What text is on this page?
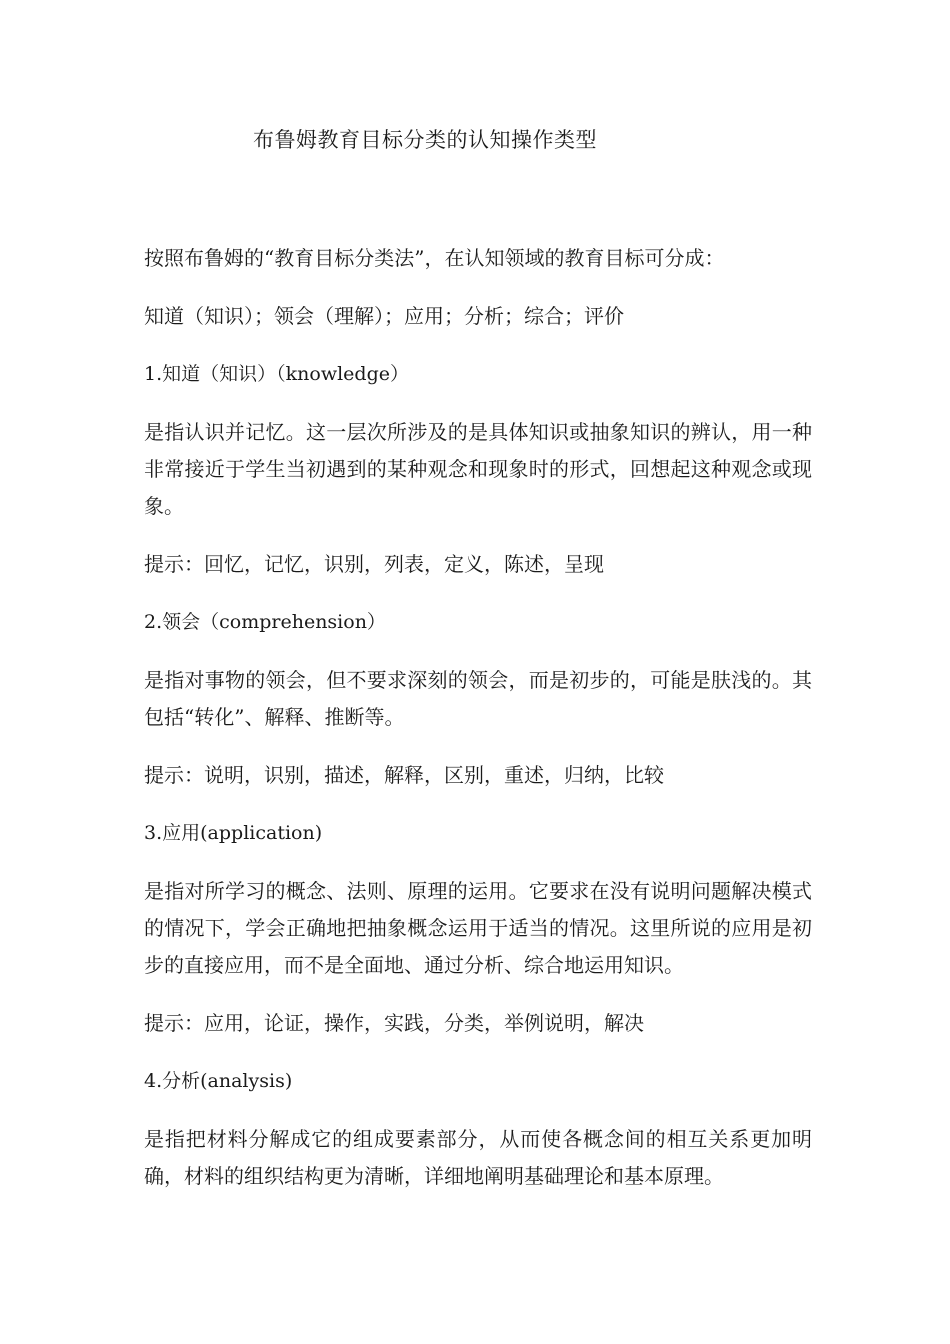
布鲁姆教育目标分类的认知操作类型

按照布鲁姆的“教育目标分类法”，在认知领域的教育目标可分成：

知道（知识）；领会（理解）；应用；分析；综合；评价

1.知道（知识）（knowledge）

是指认识并记忆。这一层次所涉及的是具体知识或抽象知识的辨认，用一种非常接近于学生当初遇到的某种观念和现象时的形式，回想起这种观念或现象。

提示：回忆，记忆，识别，列表，定义，陈述，呈现

2.领会（comprehension）

是指对事物的领会，但不要求深刻的领会，而是初步的，可能是肤浅的。其包括“转化”、解释、推断等。

提示：说明，识别，描述，解释，区别，重述，归纳，比较

3.应用(application)

是指对所学习的概念、法则、原理的运用。它要求在没有说明问题解决模式的情况下，学会正确地把抽象概念运用于适当的情况。这里所说的应用是初步的直接应用，而不是全面地、通过分析、综合地运用知识。

提示：应用，论证，操作，实践，分类，举例说明，解决

4.分析(analysis)

是指把材料分解成它的组成要素部分，从而使各概念间的相互关系更加明确，材料的组织结构更为清晰，详细地阐明基础理论和基本原理。
